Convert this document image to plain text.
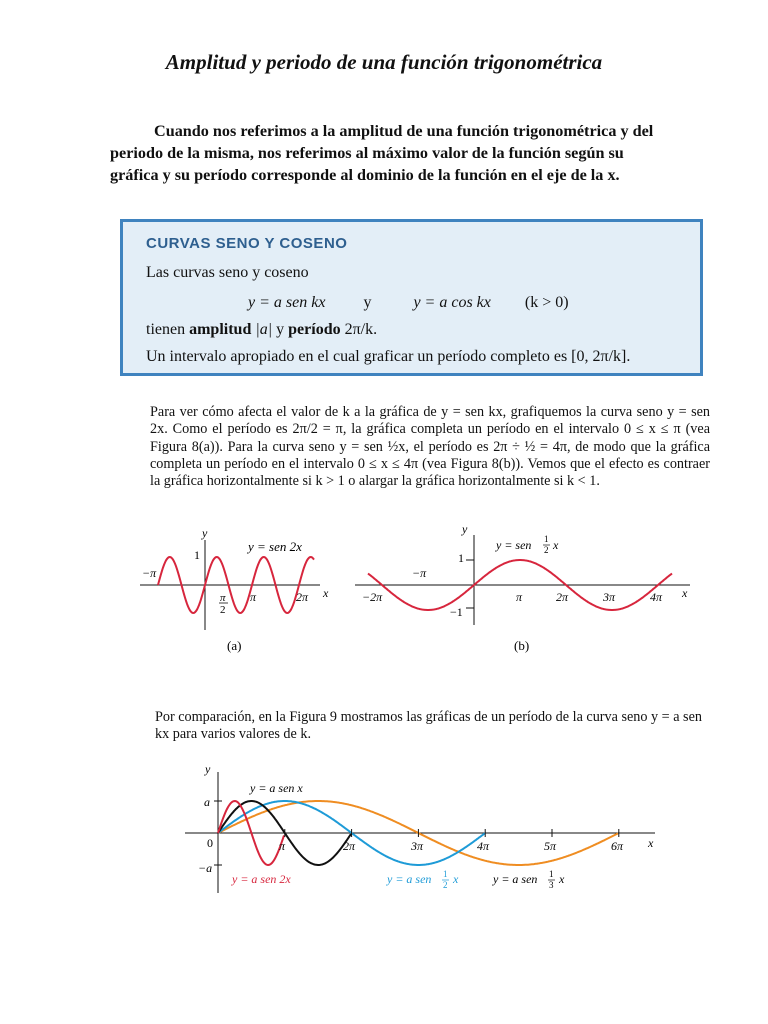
Amplitud y periodo de una función trigonométrica
Cuando nos referimos a la amplitud de una función trigonométrica y del periodo de la misma, nos referimos al máximo valor de la función según su gráfica y su período corresponde al dominio de la función en el eje de la x.
CURVAS SENO Y COSENO
Las curvas seno y coseno
y = a sen kx y	y = a cos kx (k > 0)
tienen amplitud |a| y período 2π/k.
Un intervalo apropiado en el cual graficar un período completo es [0, 2π/k].
Para ver cómo afecta el valor de k a la gráfica de y = sen kx, grafiquemos la curva seno y = sen 2x. Como el período es 2π/2 = π, la gráfica completa un período en el intervalo 0 ≤ x ≤ π (vea Figura 8(a)). Para la curva seno y = sen ½x, el período es 2π ÷ ½ = 4π, de modo que la gráfica completa un período en el intervalo 0 ≤ x ≤ 4π (vea Figura 8(b)). Vemos que el efecto es contraer la gráfica horizontalmente si k > 1 o alargar la gráfica horizontalmente si k < 1.
y
x
1
−π
π
2
π	2π
y = sen 2x
(a)
y
x
1
−1
−π
−2π	π	2π	3π	4π
y = sen 1
2 x
(b)
y
x
a
0
−a
π	2π	3π	4π	5π	6π
y = a sen x
y = a sen 2x	y = a sen 1
2 x	y = a sen 1
3 x
Por comparación, en la Figura 9 mostramos las gráficas de un período de la curva seno y = a sen kx para varios valores de k.
